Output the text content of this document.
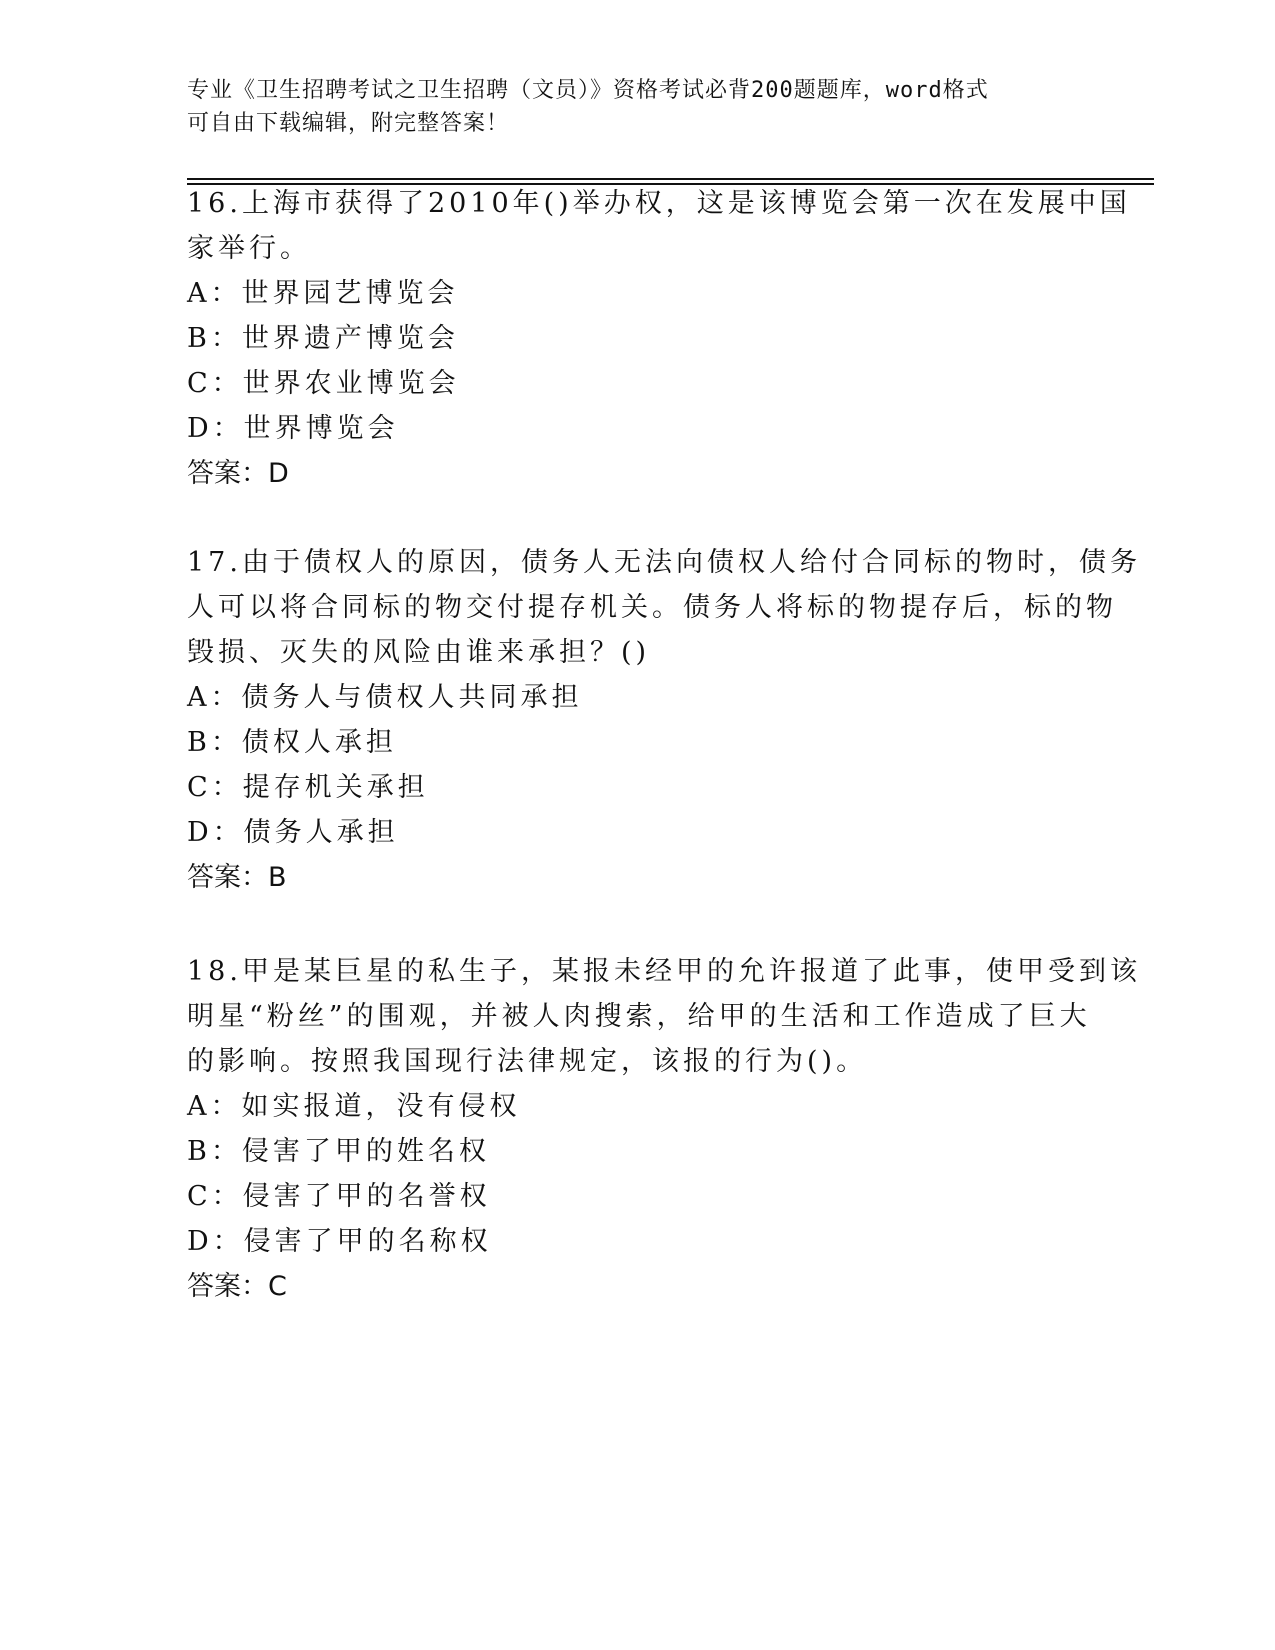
专业《卫生招聘考试之卫生招聘（文员）》资格考试必背200题题库，word格式
可自由下载编辑，附完整答案！
16.上海市获得了2010年()举办权，这是该博览会第一次在发展中国
家举行。
A：世界园艺博览会
B：世界遗产博览会
C：世界农业博览会
D：世界博览会
答案：D
17.由于债权人的原因，债务人无法向债权人给付合同标的物时，债务
人可以将合同标的物交付提存机关。债务人将标的物提存后，标的物
毁损、灭失的风险由谁来承担？()
A：债务人与债权人共同承担
B：债权人承担
C：提存机关承担
D：债务人承担
答案：B
18.甲是某巨星的私生子，某报未经甲的允许报道了此事，使甲受到该
明星“粉丝”的围观，并被人肉搜索，给甲的生活和工作造成了巨大
的影响。按照我国现行法律规定，该报的行为()。
A：如实报道，没有侵权
B：侵害了甲的姓名权
C：侵害了甲的名誉权
D：侵害了甲的名称权
答案：C
